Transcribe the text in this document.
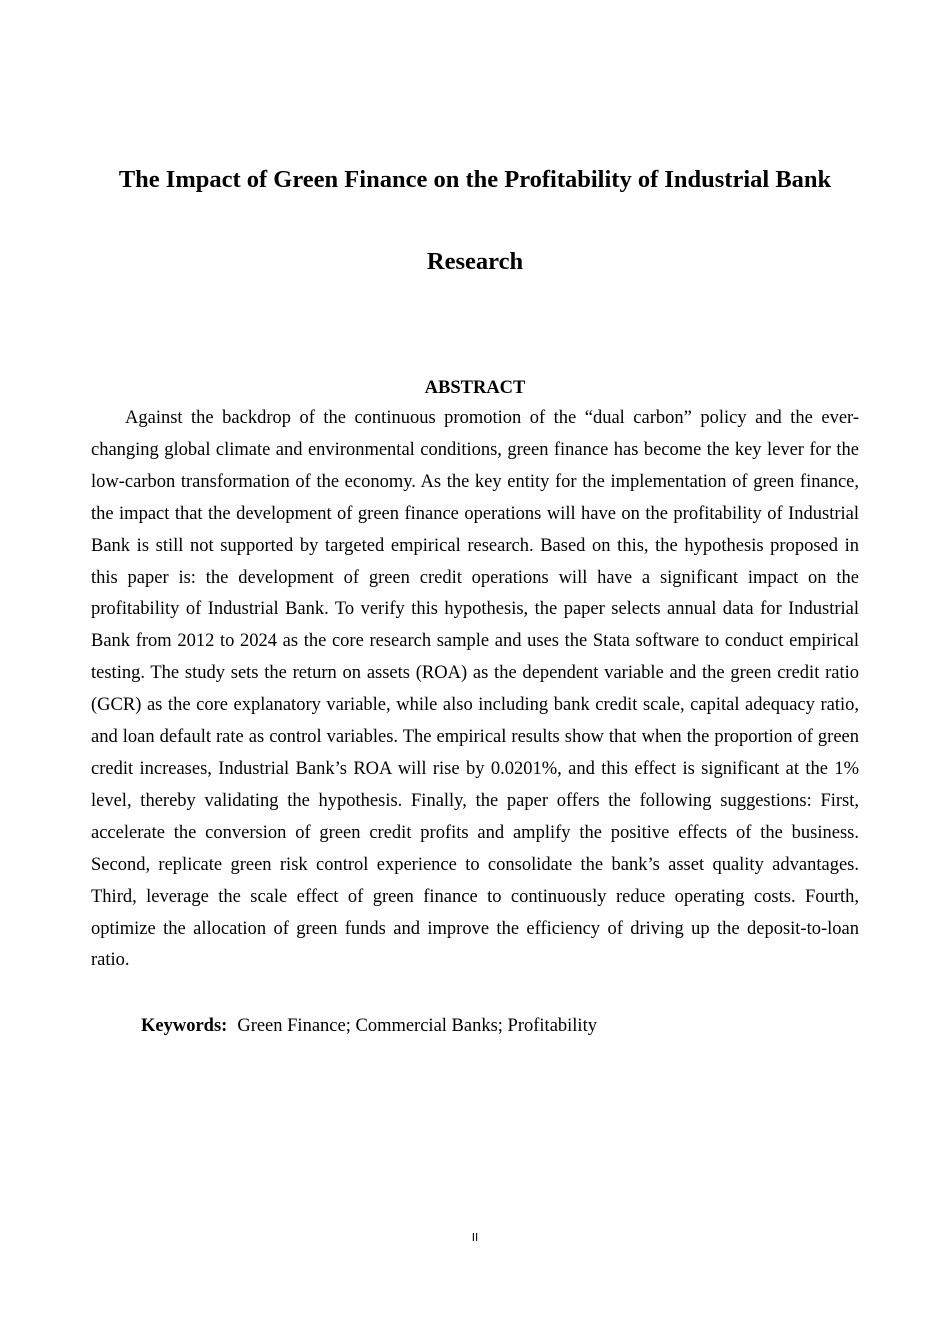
The Impact of Green Finance on the Profitability of Industrial Bank
Research
ABSTRACT

Against the backdrop of the continuous promotion of the “dual carbon” policy and the ever-changing global climate and environmental conditions, green finance has become the key lever for the low-carbon transformation of the economy. As the key entity for the implementation of green finance, the impact that the development of green finance operations will have on the profitability of Industrial Bank is still not supported by targeted empirical research. Based on this, the hypothesis proposed in this paper is: the development of green credit operations will have a significant impact on the profitability of Industrial Bank. To verify this hypothesis, the paper selects annual data for Industrial Bank from 2012 to 2024 as the core research sample and uses the Stata software to conduct empirical testing. The study sets the return on assets (ROA) as the dependent variable and the green credit ratio (GCR) as the core explanatory variable, while also including bank credit scale, capital adequacy ratio, and loan default rate as control variables. The empirical results show that when the proportion of green credit increases, Industrial Bank’s ROA will rise by 0.0201%, and this effect is significant at the 1% level, thereby validating the hypothesis. Finally, the paper offers the following suggestions: First, accelerate the conversion of green credit profits and amplify the positive effects of the business. Second, replicate green risk control experience to consolidate the bank’s asset quality advantages. Third, leverage the scale effect of green finance to continuously reduce operating costs. Fourth, optimize the allocation of green funds and improve the efficiency of driving up the deposit-to-loan ratio.

Keywords: Green Finance; Commercial Banks; Profitability

II
